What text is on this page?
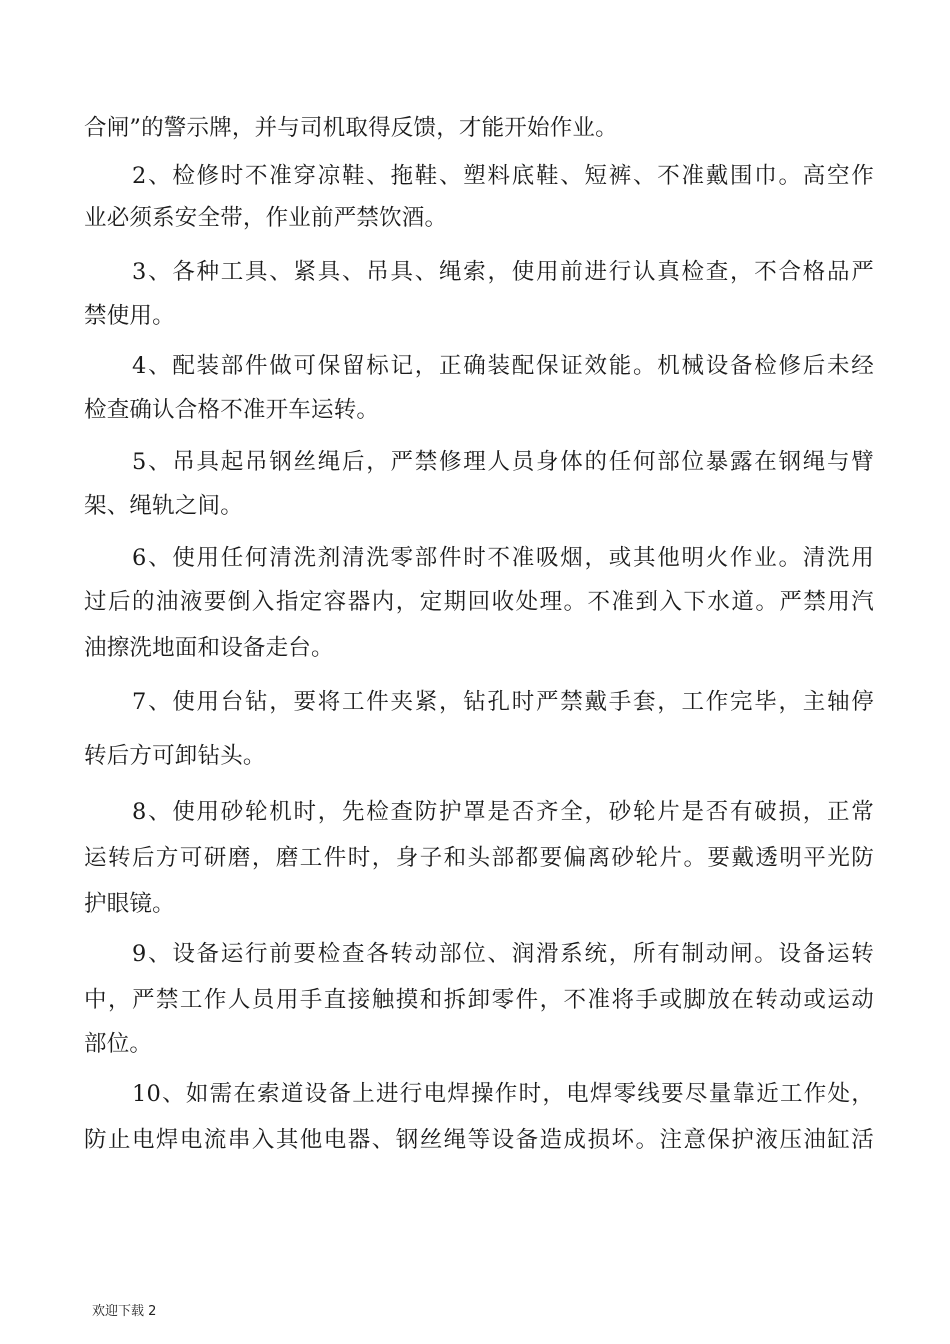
合闸”的警示牌，并与司机取得反馈，才能开始作业。
2、检修时不准穿凉鞋、拖鞋、塑料底鞋、短裤、不准戴围巾。高空作
业必须系安全带，作业前严禁饮酒。
3、各种工具、紧具、吊具、绳索，使用前进行认真检查，不合格品严
禁使用。
4、配装部件做可保留标记，正确装配保证效能。机械设备检修后未经
检查确认合格不准开车运转。
5、吊具起吊钢丝绳后，严禁修理人员身体的任何部位暴露在钢绳与臂
架、绳轨之间。
6、使用任何清洗剂清洗零部件时不准吸烟，或其他明火作业。清洗用
过后的油液要倒入指定容器内，定期回收处理。不准到入下水道。严禁用汽
油擦洗地面和设备走台。
7、使用台钻，要将工件夹紧，钻孔时严禁戴手套，工作完毕，主轴停
转后方可卸钻头。
8、使用砂轮机时，先检查防护罩是否齐全，砂轮片是否有破损，正常
运转后方可研磨，磨工件时，身子和头部都要偏离砂轮片。要戴透明平光防
护眼镜。
9、设备运行前要检查各转动部位、润滑系统，所有制动闸。设备运转
中，严禁工作人员用手直接触摸和拆卸零件，不准将手或脚放在转动或运动
部位。
10、如需在索道设备上进行电焊操作时，电焊零线要尽量靠近工作处，
防止电焊电流串入其他电器、钢丝绳等设备造成损坏。注意保护液压油缸活
欢迎下载 2
